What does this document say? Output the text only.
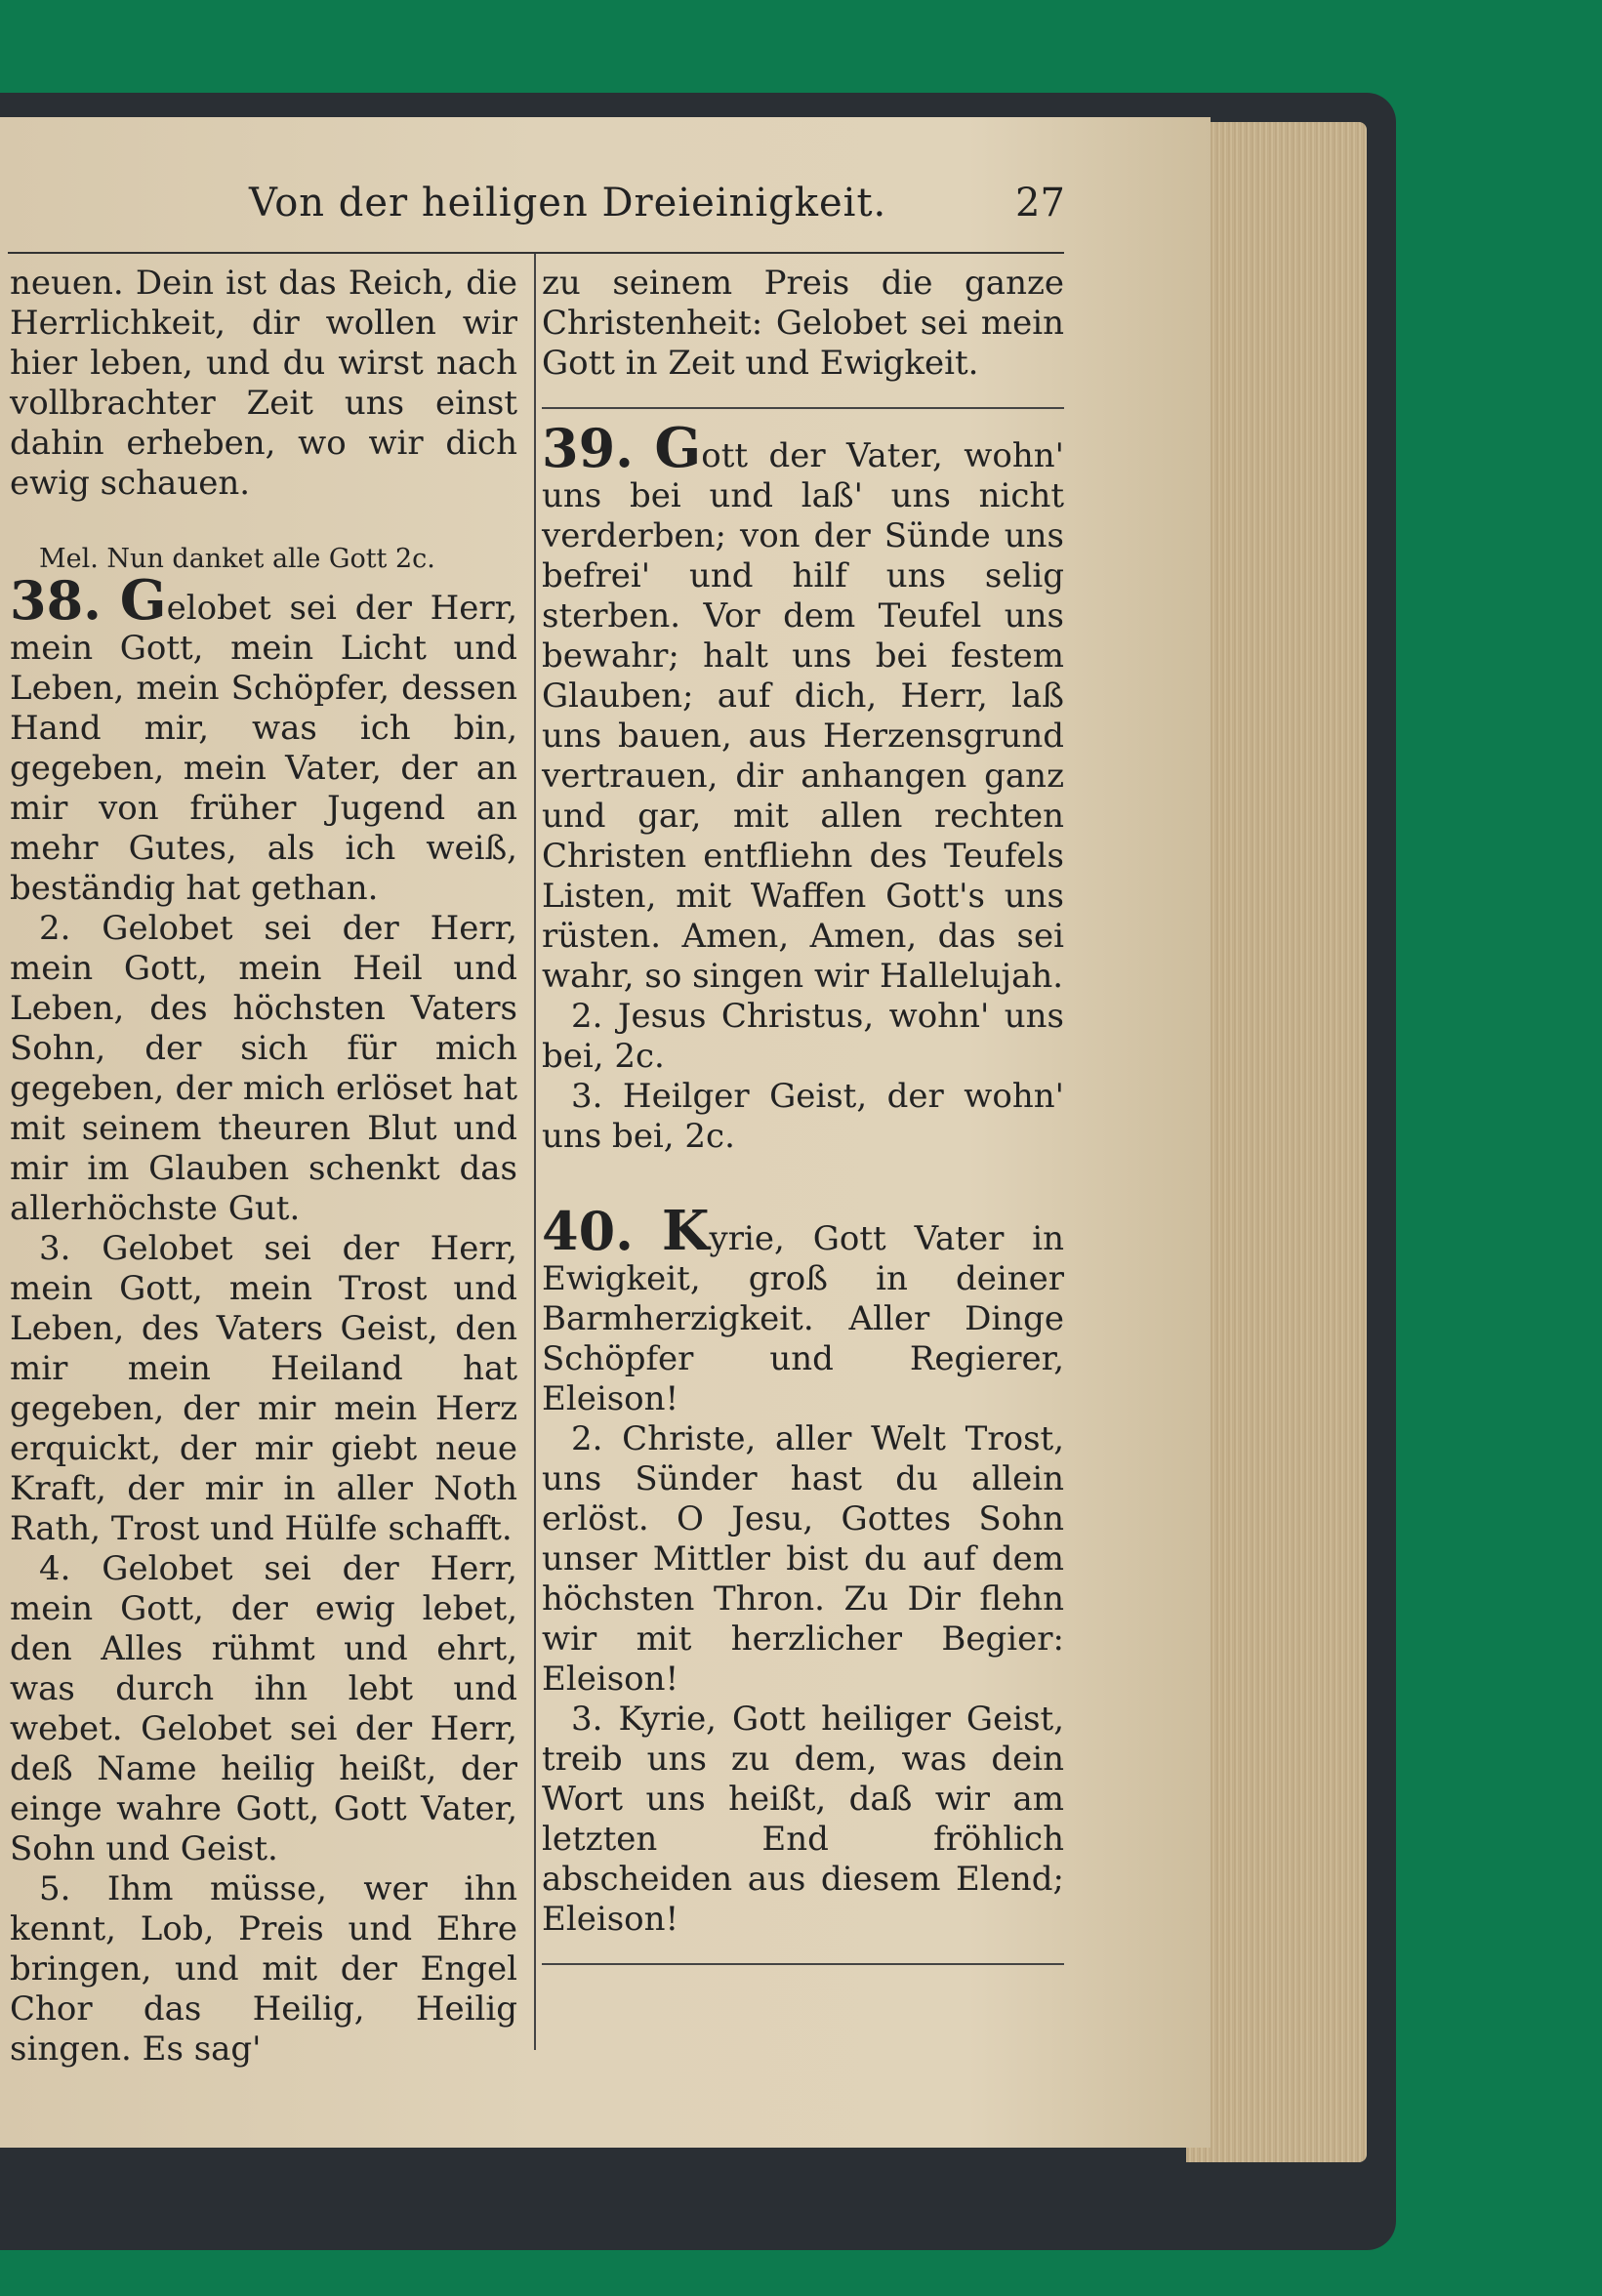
Von der heiligen Dreieinigkeit.	27

neuen. Dein ist das Reich, die Herrlichkeit, dir wollen wir hier leben, und du wirst nach vollbrachter Zeit uns einst dahin erheben, wo wir dich ewig schauen.

Mel. Nun danket alle Gott 2c.

38. Gelobet sei der Herr, mein Gott, mein Licht und Leben, mein Schöpfer, dessen Hand mir, was ich bin, gegeben, mein Vater, der an mir von früher Jugend an mehr Gutes, als ich weiß, beständig hat gethan.

2. Gelobet sei der Herr, mein Gott, mein Heil und Leben, des höchsten Vaters Sohn, der sich für mich gegeben, der mich erlöset hat mit seinem theuren Blut und mir im Glauben schenkt das allerhöchste Gut.

3. Gelobet sei der Herr, mein Gott, mein Trost und Leben, des Vaters Geist, den mir mein Heiland hat gegeben, der mir mein Herz erquickt, der mir giebt neue Kraft, der mir in aller Noth Rath, Trost und Hülfe schafft.

4. Gelobet sei der Herr, mein Gott, der ewig lebet, den Alles rühmt und ehrt, was durch ihn lebt und webet. Gelobet sei der Herr, deß Name heilig heißt, der einge wahre Gott, Gott Vater, Sohn und Geist.

5. Ihm müsse, wer ihn kennt, Lob, Preis und Ehre bringen, und mit der Engel Chor das Heilig, Heilig singen. Es sag'

zu seinem Preis die ganze Christenheit: Gelobet sei mein Gott in Zeit und Ewigkeit.

39. Gott der Vater, wohn' uns bei und laß' uns nicht verderben; von der Sünde uns befrei' und hilf uns selig sterben. Vor dem Teufel uns bewahr; halt uns bei festem Glauben; auf dich, Herr, laß uns bauen, aus Herzensgrund vertrauen, dir anhangen ganz und gar, mit allen rechten Christen entfliehn des Teufels Listen, mit Waffen Gott's uns rüsten. Amen, Amen, das sei wahr, so singen wir Hallelujah.

2. Jesus Christus, wohn' uns bei, 2c.

3. Heilger Geist, der wohn' uns bei, 2c.

40. Kyrie, Gott Vater in Ewigkeit, groß in deiner Barmherzigkeit. Aller Dinge Schöpfer und Regierer, Eleison!

2. Christe, aller Welt Trost, uns Sünder hast du allein erlöst. O Jesu, Gottes Sohn unser Mittler bist du auf dem höchsten Thron. Zu Dir flehn wir mit herzlicher Begier: Eleison!

3. Kyrie, Gott heiliger Geist, treib uns zu dem, was dein Wort uns heißt, daß wir am letzten End fröhlich abscheiden aus diesem Elend; Eleison!
